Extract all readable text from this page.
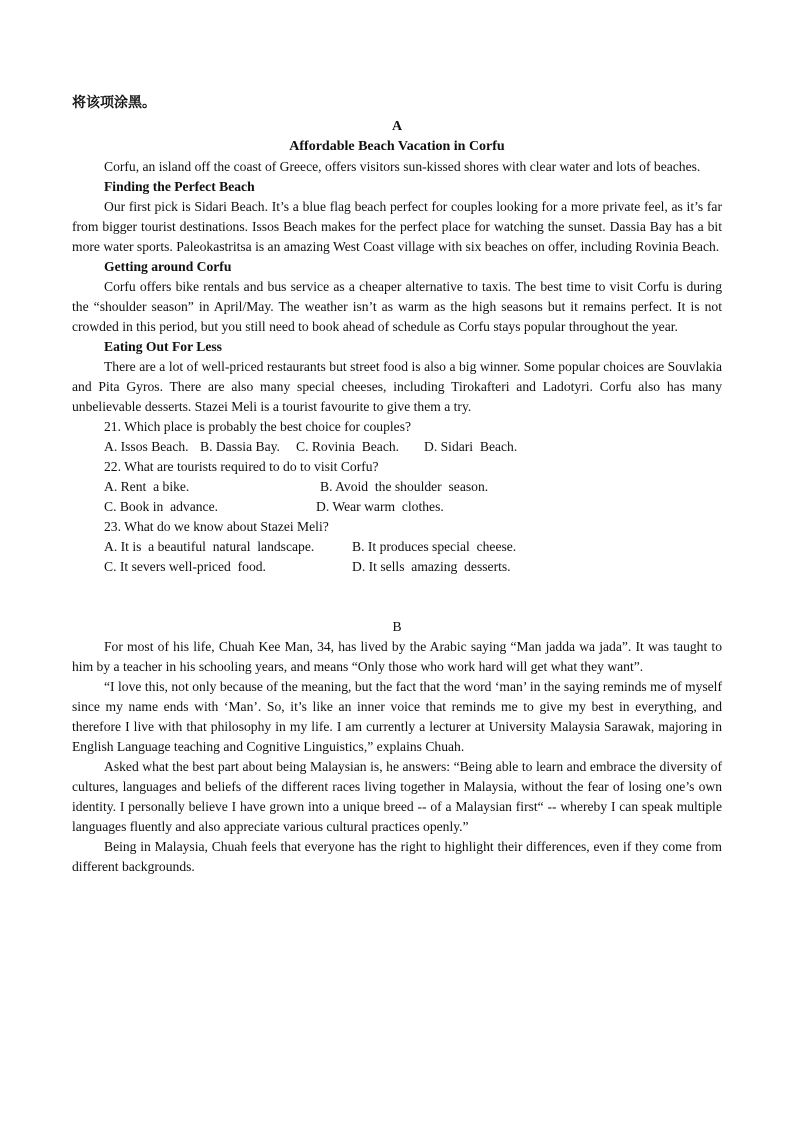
将该项涂黑。

A

Affordable Beach Vacation in Corfu

Corfu, an island off the coast of Greece, offers visitors sun-kissed shores with clear water and lots of beaches.

Finding the Perfect Beach

Our first pick is Sidari Beach. It’s a blue flag beach perfect for couples looking for a more private feel, as it’s far from bigger tourist destinations. Issos Beach makes for the perfect place for watching the sunset. Dassia Bay has a bit more water sports. Paleokastritsa is an amazing West Coast village with six beaches on offer, including Rovinia Beach.

Getting around Corfu

Corfu offers bike rentals and bus service as a cheaper alternative to taxis. The best time to visit Corfu is during the “shoulder season” in April/May. The weather isn’t as warm as the high seasons but it remains perfect. It is not crowded in this period, but you still need to book ahead of schedule as Corfu stays popular throughout the year.

Eating Out For Less

There are a lot of well-priced restaurants but street food is also a big winner. Some popular choices are Souvlakia and Pita Gyros. There are also many special cheeses, including Tirokafteri and Ladotyri. Corfu also has many unbelievable desserts. Stazei Meli is a tourist favourite to give them a try.

21. Which place is probably the best choice for couples?

A. Issos Beach. B. Dassia Bay.	C. Rovinia  Beach.	D. Sidari  Beach.

22. What are tourists required to do to visit Corfu?

A. Rent  a bike.	B. Avoid  the shoulder  season.
C. Book in  advance.	D. Wear warm  clothes.

23. What do we know about Stazei Meli?

A. It is  a beautiful  natural  landscape.	B. It produces special  cheese.
C. It severs well-priced  food.	D. It sells  amazing  desserts.

B

For most of his life, Chuah Kee Man, 34, has lived by the Arabic saying “Man jadda wa jada”. It was taught to him by a teacher in his schooling years, and means “Only those who work hard will get what they want”.

“I love this, not only because of the meaning, but the fact that the word ‘man’ in the saying reminds me of myself since my name ends with ‘Man’. So, it’s like an inner voice that reminds me to give my best in everything, and therefore I live with that philosophy in my life. I am currently a lecturer at University Malaysia Sarawak, majoring in English Language teaching and Cognitive Linguistics,” explains Chuah.

Asked what the best part about being Malaysian is, he answers: “Being able to learn and embrace the diversity of cultures, languages and beliefs of the different races living together in Malaysia, without the fear of losing one’s own identity. I personally believe I have grown into a unique breed -- of a Malaysian first“ -- whereby I can speak multiple languages fluently and also appreciate various cultural practices openly.”

Being in Malaysia, Chuah feels that everyone has the right to highlight their differences, even if they come from different backgrounds.
